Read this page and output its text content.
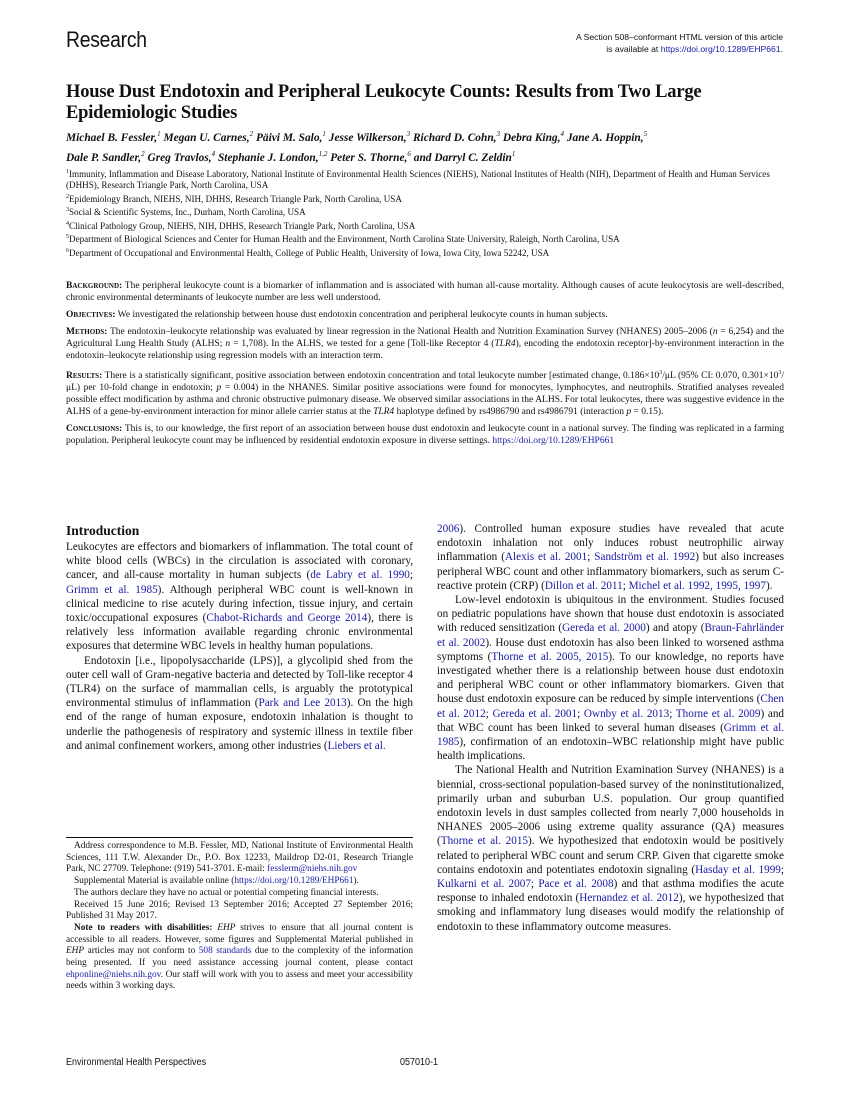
Research	A Section 508–conformant HTML version of this article
is available at https://doi.org/10.1289/EHP661.
House Dust Endotoxin and Peripheral Leukocyte Counts: Results from Two Large Epidemiologic Studies
Michael B. Fessler,$^1$ Megan U. Carnes,$^2$ Päivi M. Salo,$^1$ Jesse Wilkerson,$^3$ Richard D. Cohn,$^3$ Debra King,$^4$ Jane A. Hoppin,$^5$
Dale P. Sandler,$^2$ Greg Travlos,$^4$ Stephanie J. London,$^{1,2}$ Peter S. Thorne,$^6$ and Darryl C. Zeldin$^1$
$^1$Immunity, Inflammation and Disease Laboratory, National Institute of Environmental Health Sciences (NIEHS), National Institutes of Health (NIH), Department of Health and Human Services (DHHS), Research Triangle Park, North Carolina, USA
$^2$Epidemiology Branch, NIEHS, NIH, DHHS, Research Triangle Park, North Carolina, USA
$^3$Social & Scientific Systems, Inc., Durham, North Carolina, USA
$^4$Clinical Pathology Group, NIEHS, NIH, DHHS, Research Triangle Park, North Carolina, USA
$^5$Department of Biological Sciences and Center for Human Health and the Environment, North Carolina State University, Raleigh, North Carolina, USA
$^6$Department of Occupational and Environmental Health, College of Public Health, University of Iowa, Iowa City, Iowa 52242, USA

Background: The peripheral leukocyte count is a biomarker of inflammation and is associated with human all-cause mortality. Although causes of acute leukocytosis are well-described, chronic environmental determinants of leukocyte number are less well understood.

Objectives: We investigated the relationship between house dust endotoxin concentration and peripheral leukocyte counts in human subjects.

Methods: The endotoxin–leukocyte relationship was evaluated by linear regression in the National Health and Nutrition Examination Survey (NHANES) 2005–2006 (n = 6,254) and the Agricultural Lung Health Study (ALHS; n = 1,708). In the ALHS, we tested for a gene [Toll-like Receptor 4 (TLR4), encoding the endotoxin receptor]-by-environment interaction in the endotoxin–leukocyte relationship using regression models with an interaction term.

Results: There is a statistically significant, positive association between endotoxin concentration and total leukocyte number [estimated change, $0.186\times 10^3/\mu L$ (95% CI: 0.070, $0.301\times 10^3/\mu L$) per 10-fold change in endotoxin; p = 0.004) in the NHANES. Similar positive associations were found for monocytes, lymphocytes, and neutrophils. Stratified analyses revealed possible effect modification by asthma and chronic obstructive pulmonary disease. We observed similar associations in the ALHS. For total leukocytes, there was suggestive evidence in the ALHS of a gene-by-environment interaction for minor allele carrier status at the TLR4 haplotype defined by rs4986790 and rs4986791 (interaction p = 0.15).

Conclusions: This is, to our knowledge, the first report of an association between house dust endotoxin and leukocyte count in a national survey. The finding was replicated in a farming population. Peripheral leukocyte count may be influenced by residential endotoxin exposure in diverse settings. https://doi.org/10.1289/EHP661

Introduction

Leukocytes are effectors and biomarkers of inflammation. The total count of white blood cells (WBCs) in the circulation is associated with coronary, cancer, and all-cause mortality in human subjects (de Labry et al. 1990; Grimm et al. 1985). Although peripheral WBC count is well-known in clinical medicine to rise acutely during infection, tissue injury, and certain toxic/occupational exposures (Chabot-Richards and George 2014), there is relatively less information available regarding chronic environmental exposures that determine WBC levels in healthy human populations.

Endotoxin [i.e., lipopolysaccharide (LPS)], a glycolipid shed from the outer cell wall of Gram-negative bacteria and detected by Toll-like receptor 4 (TLR4) on the surface of mammalian cells, is arguably the prototypical environmental stimulus of inflammation (Park and Lee 2013). On the high end of the range of human exposure, endotoxin inhalation is thought to underlie the pathogenesis of respiratory and systemic illness in textile fiber and animal confinement workers, among other industries (Liebers et al.

Address correspondence to M.B. Fessler, MD, National Institute of Environmental Health Sciences, 111 T.W. Alexander Dr., P.O. Box 12233, Maildrop D2-01, Research Triangle Park, NC 27709. Telephone: (919) 541-3701. E-mail: fesslerm@niehs.nih.gov

Supplemental Material is available online (https://doi.org/10.1289/EHP661).

The authors declare they have no actual or potential competing financial interests.

Received 15 June 2016; Revised 13 September 2016; Accepted 27 September 2016; Published 31 May 2017.

Note to readers with disabilities: EHP strives to ensure that all journal content is accessible to all readers. However, some figures and Supplemental Material published in EHP articles may not conform to 508 standards due to the complexity of the information being presented. If you need assistance accessing journal content, please contact ehponline@niehs.nih.gov. Our staff will work with you to assess and meet your accessibility needs within 3 working days.

2006). Controlled human exposure studies have revealed that acute endotoxin inhalation not only induces robust neutrophilic airway inflammation (Alexis et al. 2001; Sandström et al. 1992) but also increases peripheral WBC count and other inflammatory biomarkers, such as serum C-reactive protein (CRP) (Dillon et al. 2011; Michel et al. 1992, 1995, 1997).

Low-level endotoxin is ubiquitous in the environment. Studies focused on pediatric populations have shown that house dust endotoxin is associated with reduced sensitization (Gereda et al. 2000) and atopy (Braun-Fahrländer et al. 2002). House dust endotoxin has also been linked to worsened asthma symptoms (Thorne et al. 2005, 2015). To our knowledge, no reports have investigated whether there is a relationship between house dust endotoxin and peripheral WBC count or other inflammatory biomarkers. Given that house dust endotoxin exposure can be reduced by simple interventions (Chen et al. 2012; Gereda et al. 2001; Ownby et al. 2013; Thorne et al. 2009) and that WBC count has been linked to several human diseases (Grimm et al. 1985), confirmation of an endotoxin–WBC relationship might have public health implications.

The National Health and Nutrition Examination Survey (NHANES) is a biennial, cross-sectional population-based survey of the noninstitutionalized, primarily urban and suburban U.S. population. Our group quantified endotoxin levels in dust samples collected from nearly 7,000 households in NHANES 2005–2006 using extreme quality assurance (QA) measures (Thorne et al. 2015). We hypothesized that endotoxin would be positively related to peripheral WBC count and serum CRP. Given that cigarette smoke contains endotoxin and potentiates endotoxin signaling (Hasday et al. 1999; Kulkarni et al. 2007; Pace et al. 2008) and that asthma modifies the acute response to inhaled endotoxin (Hernandez et al. 2012), we hypothesized that smoking and inflammatory lung diseases would modify the relationship of endotoxin to these inflammatory outcome measures.

Environmental Health Perspectives	057010-1
